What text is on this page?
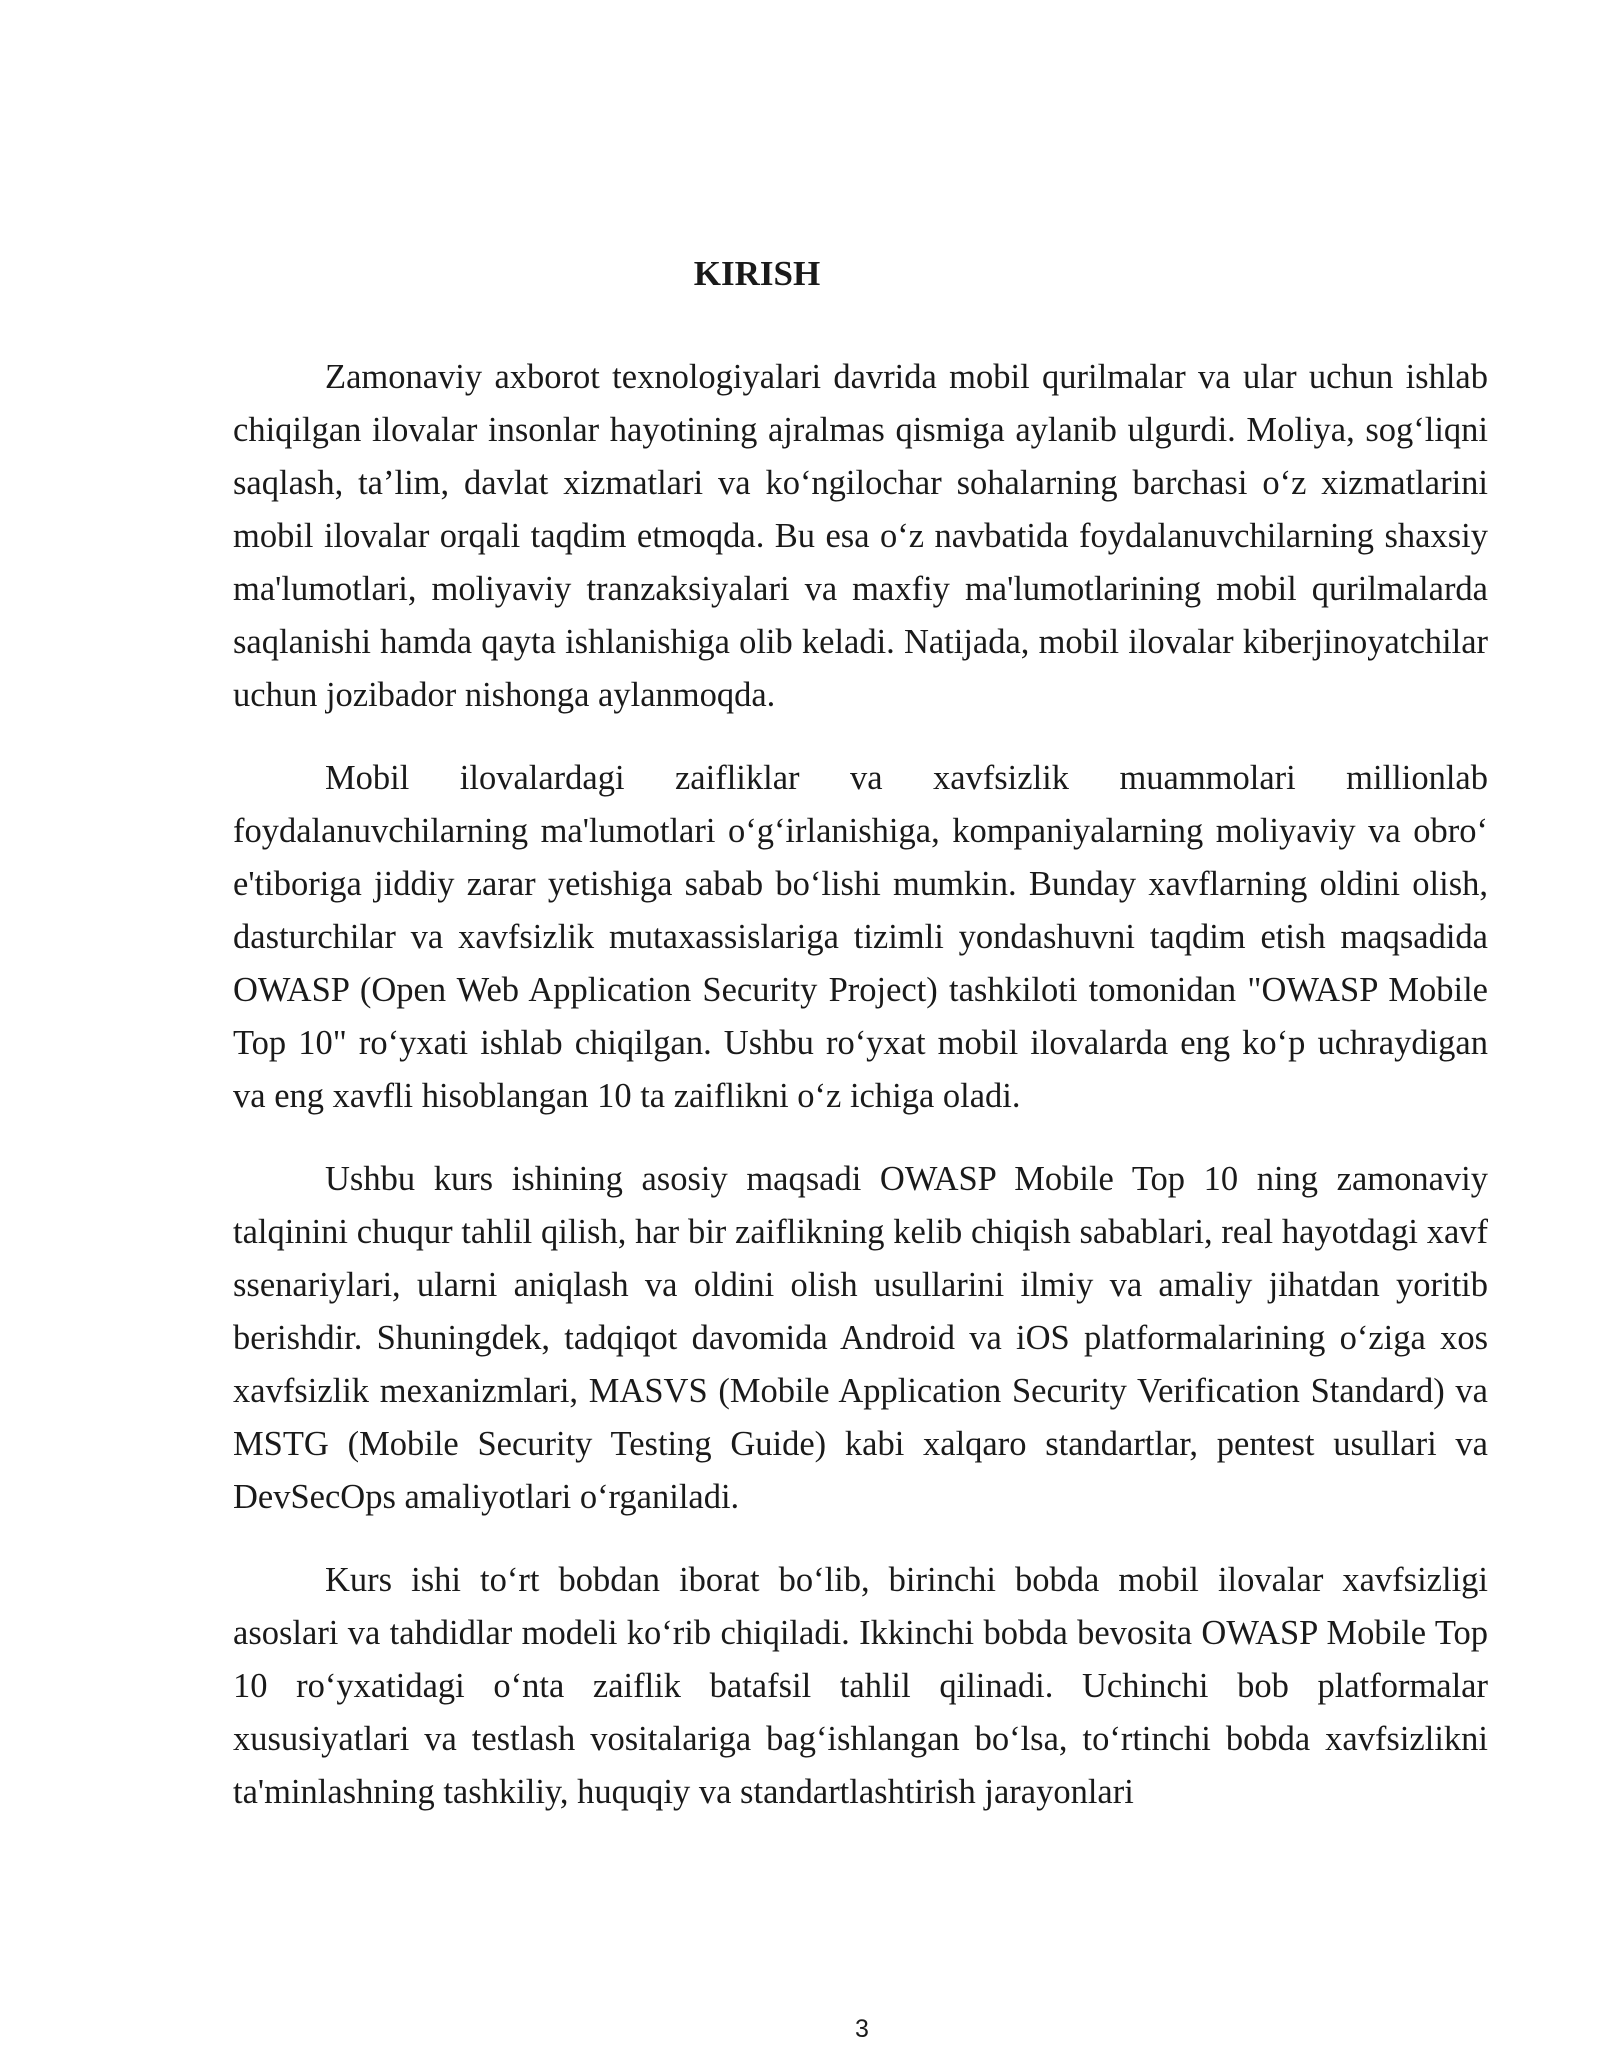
KIRISH

Zamonaviy axborot texnologiyalari davrida mobil qurilmalar va ular uchun ishlab chiqilgan ilovalar insonlar hayotining ajralmas qismiga aylanib ulgurdi. Moliya, sog‘liqni saqlash, ta’lim, davlat xizmatlari va ko‘ngilochar sohalarning barchasi o‘z xizmatlarini mobil ilovalar orqali taqdim etmoqda. Bu esa o‘z navbatida foydalanuvchilarning shaxsiy ma'lumotlari, moliyaviy tranzaksiyalari va maxfiy ma'lumotlarining mobil qurilmalarda saqlanishi hamda qayta ishlanishiga olib keladi. Natijada, mobil ilovalar kiberjinoyatchilar uchun jozibador nishonga aylanmoqda.

Mobil ilovalardagi zaifliklar va xavfsizlik muammolari millionlab foydalanuvchilarning ma'lumotlari o‘g‘irlanishiga, kompaniyalarning moliyaviy va obro‘ e'tiboriga jiddiy zarar yetishiga sabab bo‘lishi mumkin. Bunday xavflarning oldini olish, dasturchilar va xavfsizlik mutaxassislariga tizimli yondashuvni taqdim etish maqsadida OWASP (Open Web Application Security Project) tashkiloti tomonidan "OWASP Mobile Top 10" ro‘yxati ishlab chiqilgan. Ushbu ro‘yxat mobil ilovalarda eng ko‘p uchraydigan va eng xavfli hisoblangan 10 ta zaiflikni o‘z ichiga oladi.

Ushbu kurs ishining asosiy maqsadi OWASP Mobile Top 10 ning zamonaviy talqinini chuqur tahlil qilish, har bir zaiflikning kelib chiqish sabablari, real hayotdagi xavf ssenariylari, ularni aniqlash va oldini olish usullarini ilmiy va amaliy jihatdan yoritib berishdir. Shuningdek, tadqiqot davomida Android va iOS platformalarining o‘ziga xos xavfsizlik mexanizmlari, MASVS (Mobile Application Security Verification Standard) va MSTG (Mobile Security Testing Guide) kabi xalqaro standartlar, pentest usullari va DevSecOps amaliyotlari o‘rganiladi.

Kurs ishi to‘rt bobdan iborat bo‘lib, birinchi bobda mobil ilovalar xavfsizligi asoslari va tahdidlar modeli ko‘rib chiqiladi. Ikkinchi bobda bevosita OWASP Mobile Top 10 ro‘yxatidagi o‘nta zaiflik batafsil tahlil qilinadi. Uchinchi bob platformalar xususiyatlari va testlash vositalariga bag‘ishlangan bo‘lsa, to‘rtinchi bobda xavfsizlikni ta'minlashning tashkiliy, huquqiy va standartlashtirish jarayonlari

3
